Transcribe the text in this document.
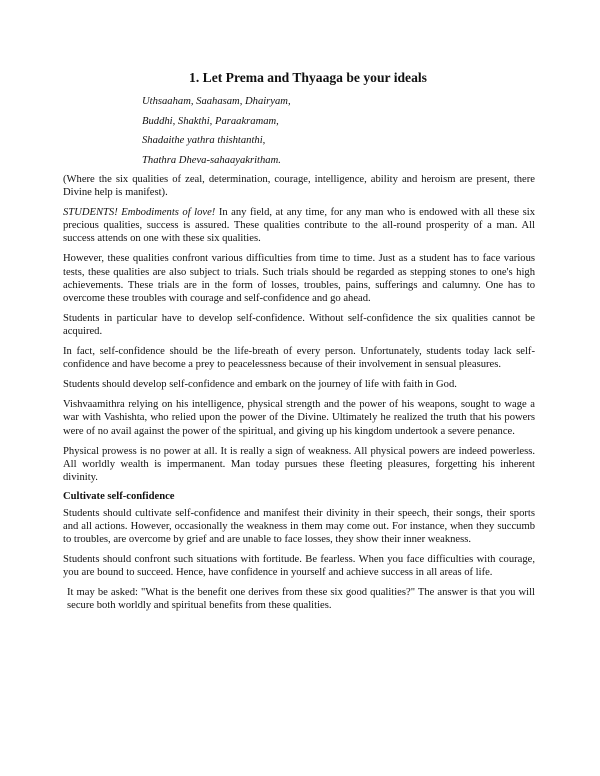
1. Let Prema and Thyaaga be your ideals
Uthsaaham, Saahasam, Dhairyam,
Buddhi, Shakthi, Paraakramam,
Shadaithe yathra thishtanthi,
Thathra Dheva-sahaayakritham.

(Where the six qualities of zeal, determination, courage, intelligence, ability and heroism are present, there Divine help is manifest).

STUDENTS! Embodiments of love! In any field, at any time, for any man who is endowed with all these six precious qualities, success is assured. These qualities contribute to the all-round prosperity of a man. All success attends on one with these six qualities.

However, these qualities confront various difficulties from time to time. Just as a student has to face various tests, these qualities are also subject to trials. Such trials should be regarded as stepping stones to one's high achievements. These trials are in the form of losses, troubles, pains, sufferings and calumny. One has to overcome these troubles with courage and self-confidence and go ahead.

Students in particular have to develop self-confidence. Without self-confidence the six qualities cannot be acquired.

In fact, self-confidence should be the life-breath of every person. Unfortunately, students today lack self-confidence and have become a prey to peacelessness because of their involvement in sensual pleasures.

Students should develop self-confidence and embark on the journey of life with faith in God.

Vishvaamithra relying on his intelligence, physical strength and the power of his weapons, sought to wage a war with Vashishta, who relied upon the power of the Divine. Ultimately he realized the truth that his powers were of no avail against the power of the spiritual, and giving up his kingdom undertook a severe penance.

Physical prowess is no power at all. It is really a sign of weakness. All physical powers are indeed powerless. All worldly wealth is impermanent. Man today pursues these fleeting pleasures, forgetting his inherent divinity.

Cultivate self-confidence

Students should cultivate self-confidence and manifest their divinity in their speech, their songs, their sports and all actions. However, occasionally the weakness in them may come out. For instance, when they succumb to troubles, are overcome by grief and are unable to face losses, they show their inner weakness.

Students should confront such situations with fortitude. Be fearless. When you face difficulties with courage, you are bound to succeed. Hence, have confidence in yourself and achieve success in all areas of life.

It may be asked: "What is the benefit one derives from these six good qualities?" The answer is that you will secure both worldly and spiritual benefits from these qualities.
